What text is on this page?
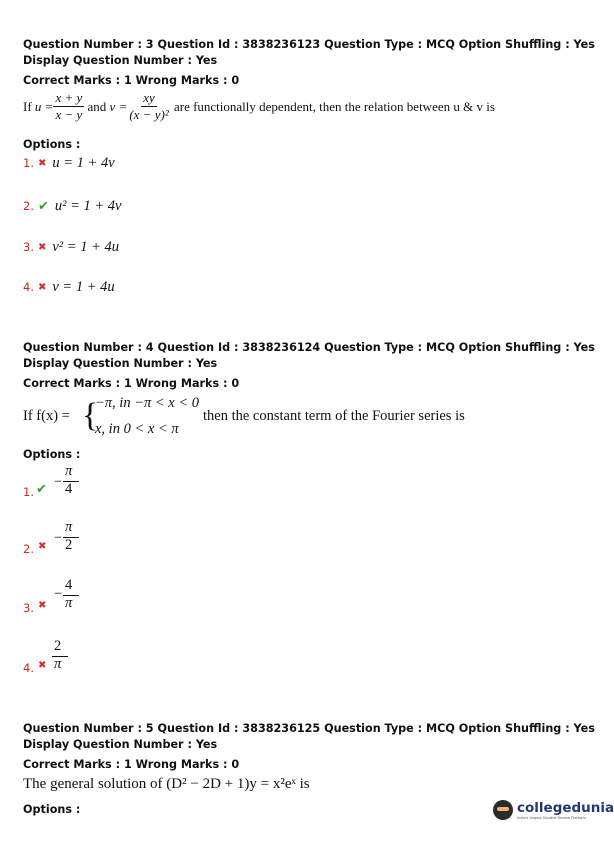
Question Number : 3 Question Id : 3838236123 Question Type : MCQ Option Shuffling : Yes
Display Question Number : Yes
Correct Marks : 1 Wrong Marks : 0
If
$u = \frac{x + y}{x - y}$
and
$v = \frac{xy}{\text{(x − y)²}}$
are functionally dependent, then the relation between u & v is
Options :
1. ✖ u = 1 + 4v
2. ✔ u² = 1 + 4v
3. ✖ v² = 1 + 4u
4. ✖ v = 1 + 4u
Question Number : 4 Question Id : 3838236124 Question Type : MCQ Option Shuffling : Yes
Display Question Number : Yes
Correct Marks : 1 Wrong Marks : 0
If f(x) = {
−π, in −π < x < 0
x, in 0 < x < π
then the constant term of the Fourier series is
Options :
1. ✔ −
π
4
2. ✖
−
π
2
3. ✖
−
4
π
4. ✖
2
π
Question Number : 5 Question Id : 3838236125 Question Type : MCQ Option Shuffling : Yes
Display Question Number : Yes
Correct Marks : 1 Wrong Marks : 0
The general solution of (D² − 2D + 1)y = x²eˣ is
Options :	collegedunia
India's largest Student Review Platform
